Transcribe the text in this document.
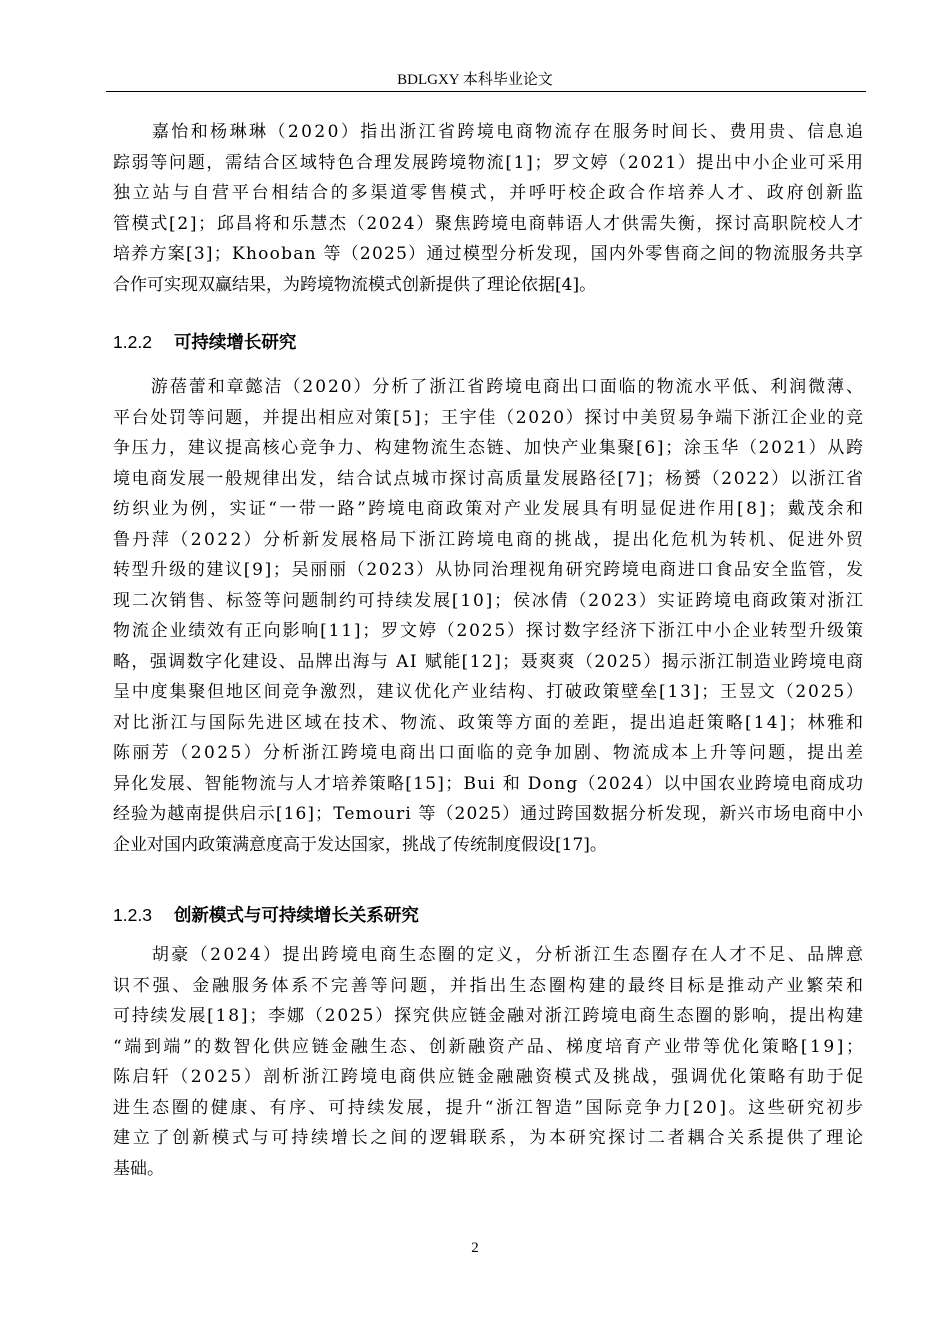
BDLGXY 本科毕业论文
　　嘉怡和杨琳琳（2020）指出浙江省跨境电商物流存在服务时间长、费用贵、信息追
踪弱等问题，需结合区域特色合理发展跨境物流[1]；罗文婷（2021）提出中小企业可采用
独立站与自营平台相结合的多渠道零售模式，并呼吁校企政合作培养人才、政府创新监
管模式[2]；邱昌将和乐慧杰（2024）聚焦跨境电商韩语人才供需失衡，探讨高职院校人才
培养方案[3]；Khooban 等（2025）通过模型分析发现，国内外零售商之间的物流服务共享
合作可实现双赢结果，为跨境物流模式创新提供了理论依据[4]。
1.2.2 可持续增长研究
　　游蓓蕾和章懿洁（2020）分析了浙江省跨境电商出口面临的物流水平低、利润微薄、
平台处罚等问题，并提出相应对策[5]；王宇佳（2020）探讨中美贸易争端下浙江企业的竞
争压力，建议提高核心竞争力、构建物流生态链、加快产业集聚[6]；涂玉华（2021）从跨
境电商发展一般规律出发，结合试点城市探讨高质量发展路径[7]；杨赟（2022）以浙江省
纺织业为例，实证“一带一路”跨境电商政策对产业发展具有明显促进作用[8]；戴茂余和
鲁丹萍（2022）分析新发展格局下浙江跨境电商的挑战，提出化危机为转机、促进外贸
转型升级的建议[9]；吴丽丽（2023）从协同治理视角研究跨境电商进口食品安全监管，发
现二次销售、标签等问题制约可持续发展[10]；侯冰倩（2023）实证跨境电商政策对浙江
物流企业绩效有正向影响[11]；罗文婷（2025）探讨数字经济下浙江中小企业转型升级策
略，强调数字化建设、品牌出海与 AI 赋能[12]；聂爽爽（2025）揭示浙江制造业跨境电商
呈中度集聚但地区间竞争激烈，建议优化产业结构、打破政策壁垒[13]；王昱文（2025）
对比浙江与国际先进区域在技术、物流、政策等方面的差距，提出追赶策略[14]；林雅和
陈丽芳（2025）分析浙江跨境电商出口面临的竞争加剧、物流成本上升等问题，提出差
异化发展、智能物流与人才培养策略[15]；Bui 和 Dong（2024）以中国农业跨境电商成功
经验为越南提供启示[16]；Temouri 等（2025）通过跨国数据分析发现，新兴市场电商中小
企业对国内政策满意度高于发达国家，挑战了传统制度假设[17]。
1.2.3 创新模式与可持续增长关系研究
　　胡豪（2024）提出跨境电商生态圈的定义，分析浙江生态圈存在人才不足、品牌意
识不强、金融服务体系不完善等问题，并指出生态圈构建的最终目标是推动产业繁荣和
可持续发展[18]；李娜（2025）探究供应链金融对浙江跨境电商生态圈的影响，提出构建
“端到端”的数智化供应链金融生态、创新融资产品、梯度培育产业带等优化策略[19]；
陈启轩（2025）剖析浙江跨境电商供应链金融融资模式及挑战，强调优化策略有助于促
进生态圈的健康、有序、可持续发展，提升“浙江智造”国际竞争力[20]。这些研究初步
建立了创新模式与可持续增长之间的逻辑联系，为本研究探讨二者耦合关系提供了理论
基础。
2
